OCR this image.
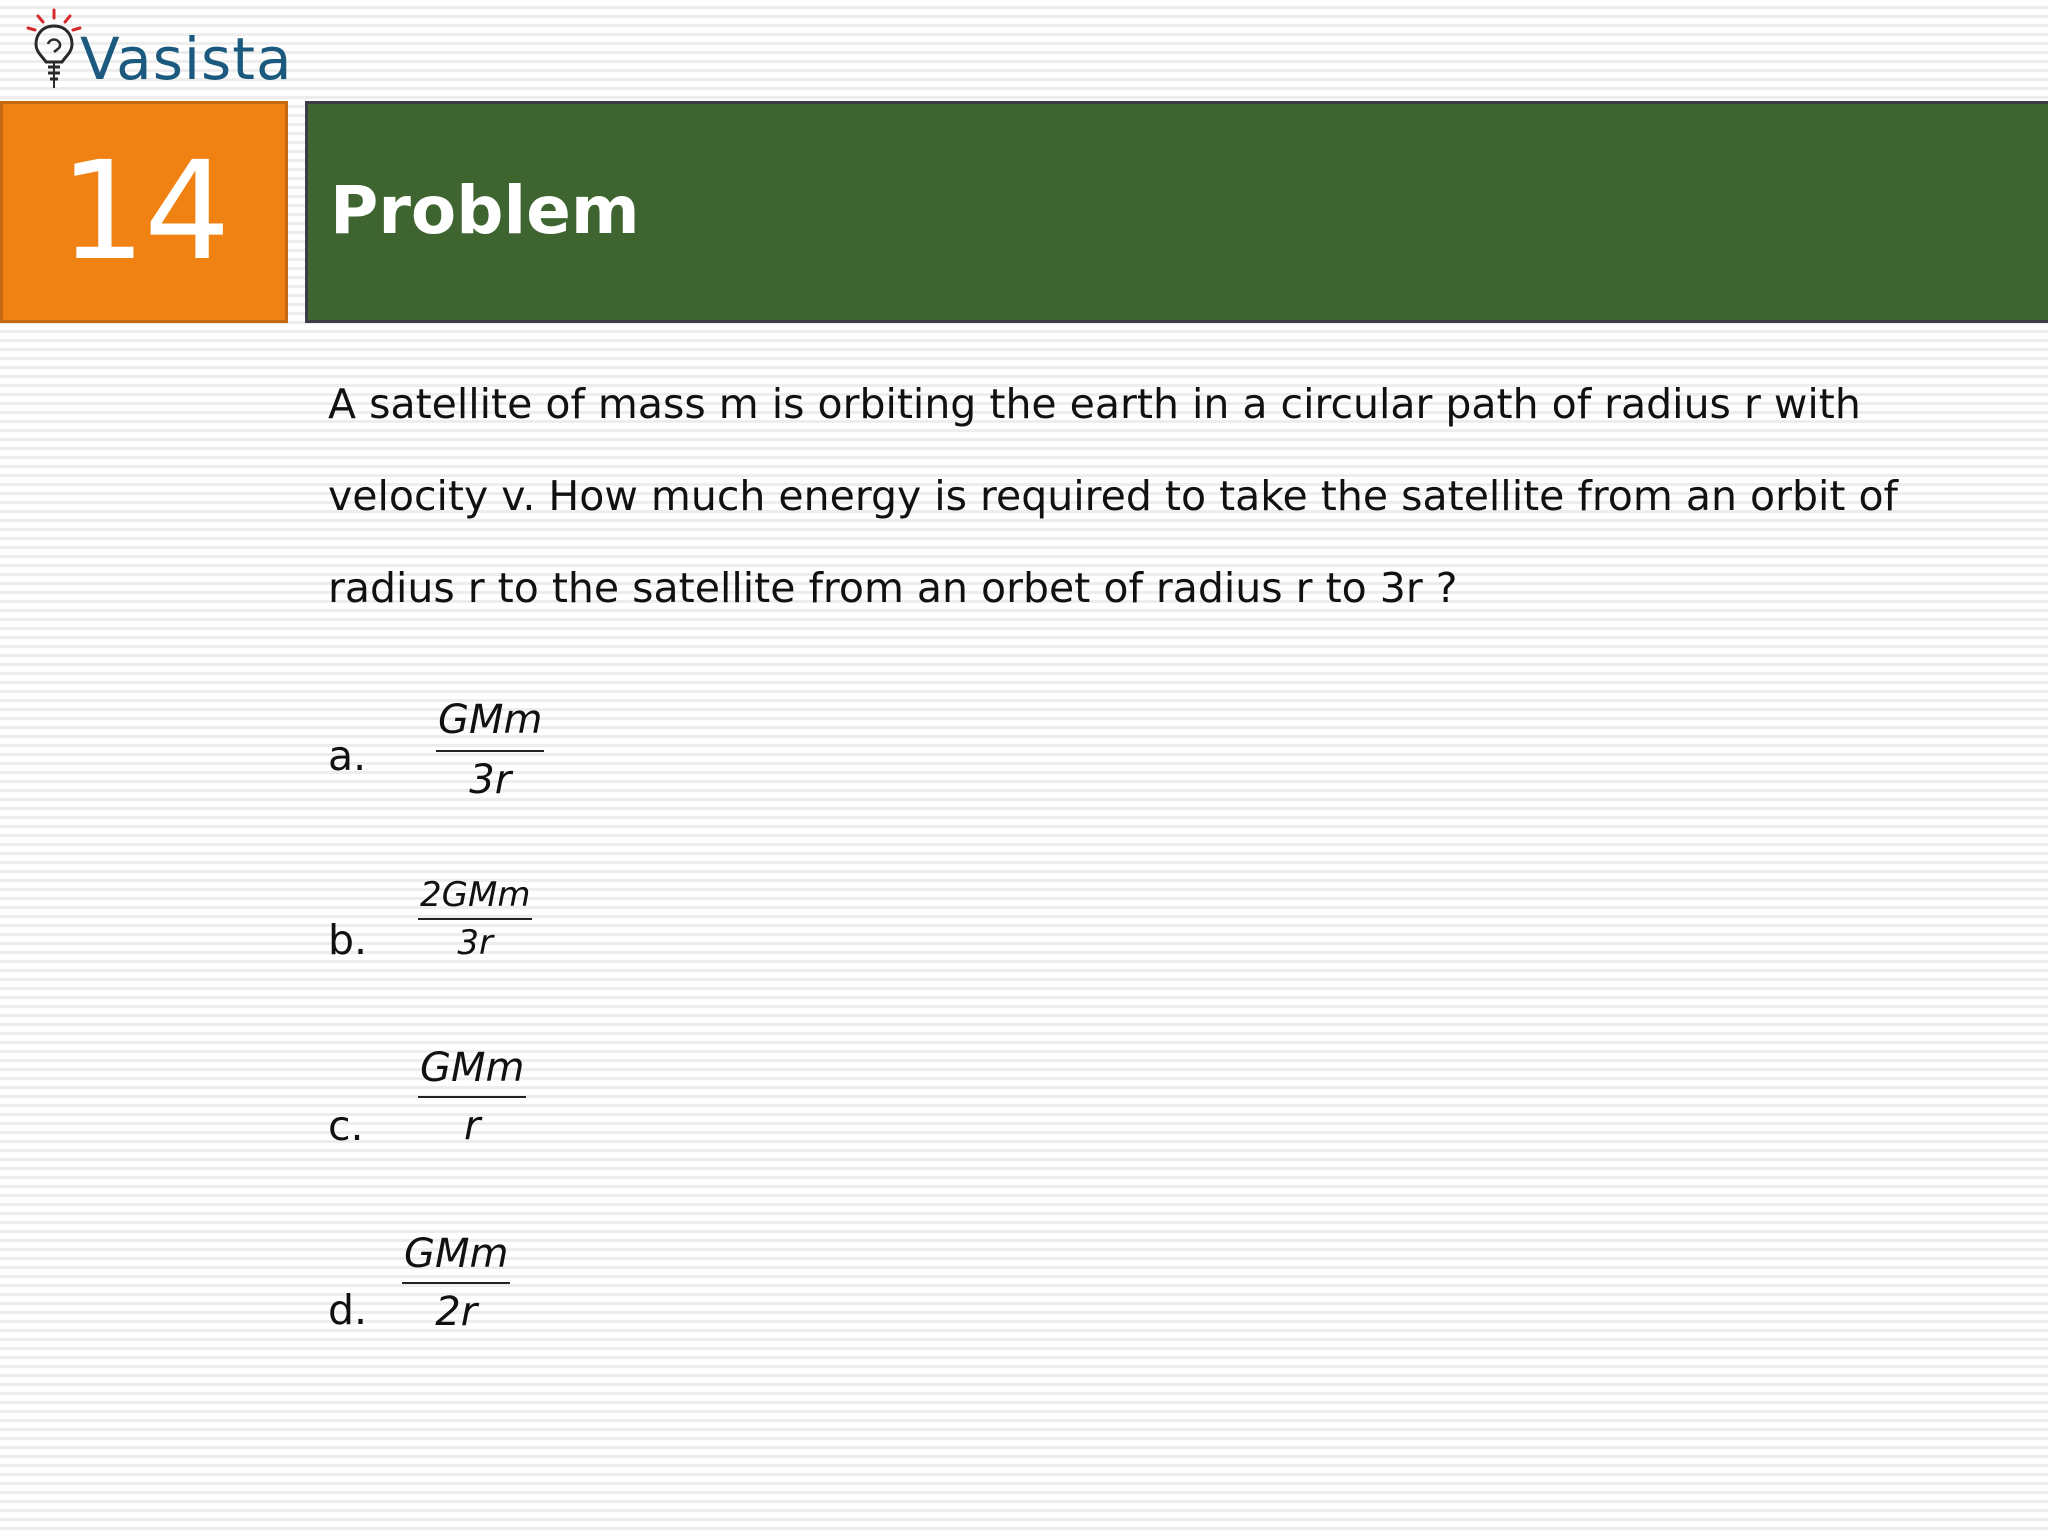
Vasista
14 Problem
A satellite of mass m is orbiting the earth in a circular path of radius r with velocity v. How much energy is required to take the satellite from an orbit of radius r to the satellite from an orbet of radius r to 3r ?
a.
GMm
3r
b.
2GMm
3r
c.
GMm
r
d.
GMm
2r
